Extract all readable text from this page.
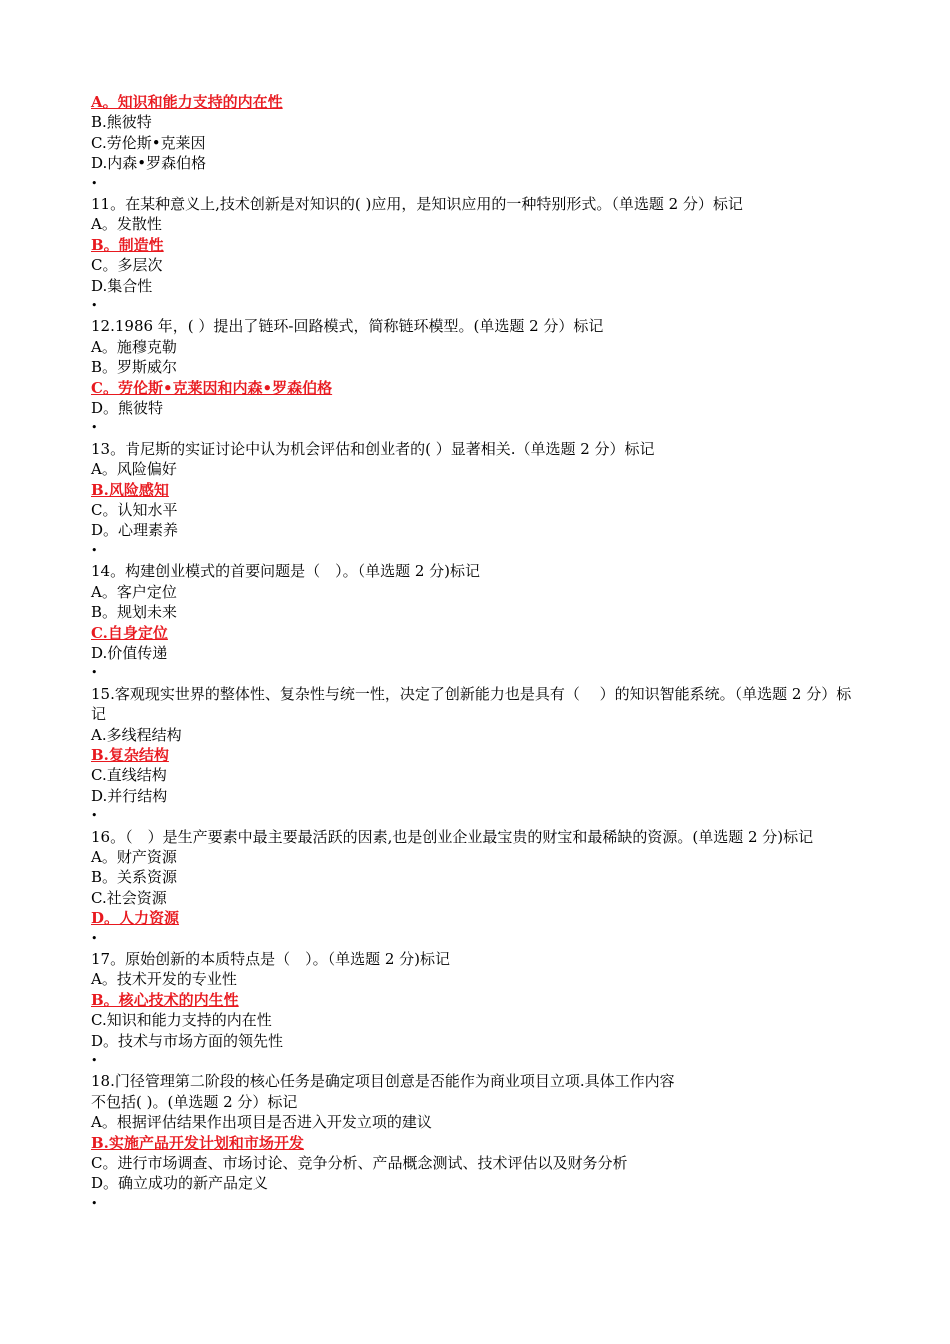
A。知识和能力支持的内在性
B.熊彼特
C.劳伦斯•克莱因
D.内森•罗森伯格
•
11。在某种意义上,技术创新是对知识的( )应用，是知识应用的一种特别形式。（单选题 2 分）标记
A。发散性
B。制造性
C。多层次
D.集合性
•
12.1986 年，( ）提出了链环-回路模式，简称链环模型。(单选题 2 分）标记
A。施穆克勒
B。罗斯威尔
C。劳伦斯•克莱因和内森•罗森伯格
D。熊彼特
•
13。肯尼斯的实证讨论中认为机会评估和创业者的( ）显著相关.（单选题 2 分）标记
A。风险偏好
B.风险感知
C。认知水平
D。心理素养
•
14。构建创业模式的首要问题是（　）。（单选题 2 分)标记
A。客户定位
B。规划未来
C.自身定位
D.价值传递
•
15.客观现实世界的整体性、复杂性与统一性，决定了创新能力也是具有（　 ）的知识智能系统。（单选题 2 分）标记
A.多线程结构
B.复杂结构
C.直线结构
D.并行结构
•
16。（　）是生产要素中最主要最活跃的因素,也是创业企业最宝贵的财宝和最稀缺的资源。(单选题 2 分)标记
A。财产资源
B。关系资源
C.社会资源
D。人力资源
•
17。原始创新的本质特点是（　）。（单选题 2 分)标记
A。技术开发的专业性
B。核心技术的内生性
C.知识和能力支持的内在性
D。技术与市场方面的领先性
•
18.门径管理第二阶段的核心任务是确定项目创意是否能作为商业项目立项.具体工作内容
不包括( )。(单选题 2 分）标记
A。根据评估结果作出项目是否进入开发立项的建议
B.实施产品开发计划和市场开发
C。进行市场调查、市场讨论、竞争分析、产品概念测试、技术评估以及财务分析
D。确立成功的新产品定义
•
